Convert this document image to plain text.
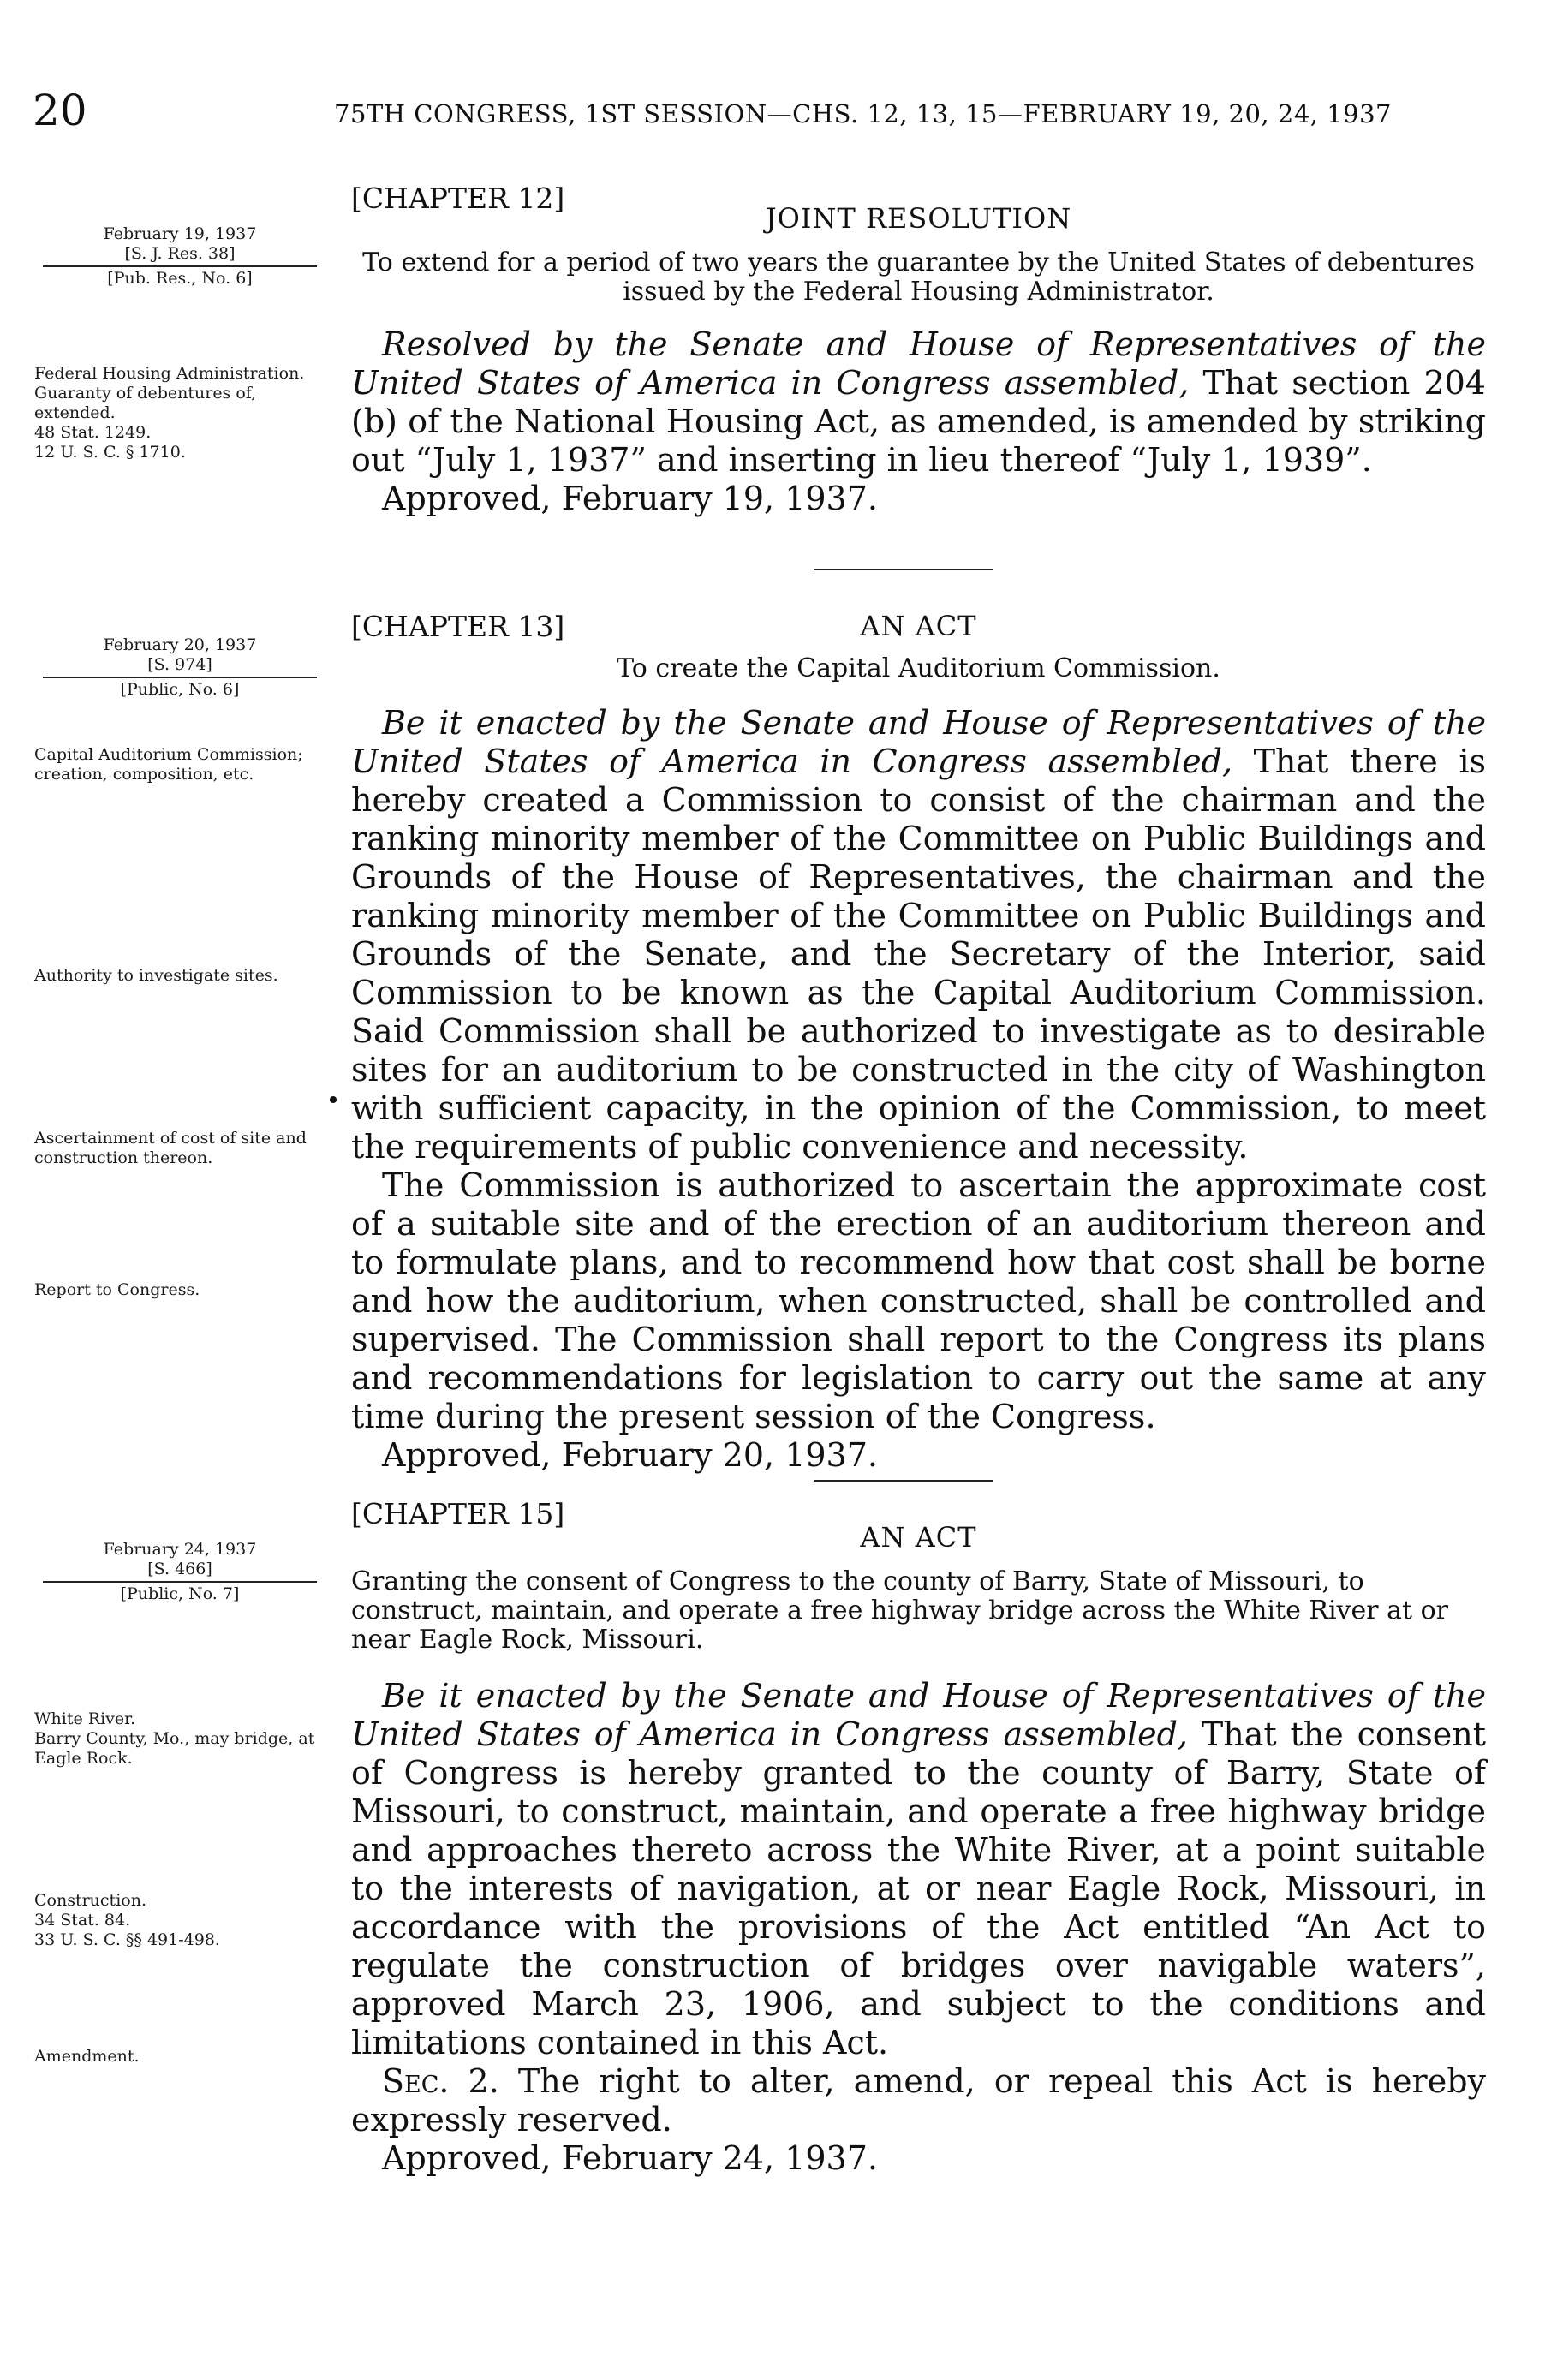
20	75TH CONGRESS, 1ST SESSION—CHS. 12, 13, 15—FEBRUARY 19, 20, 24, 1937

February 19, 1937

[S. J. Res. 38]

[Pub. Res., No. 6]

Federal Housing Administration.

Guaranty of debentures of, extended.

48 Stat. 1249.

12 U. S. C. § 1710.

[CHAPTER 12]
JOINT RESOLUTION
To extend for a period of two years the guarantee by the United States of debentures issued by the Federal Housing Administrator.

Resolved by the Senate and House of Representatives of the United States of America in Congress assembled, That section 204 (b) of the National Housing Act, as amended, is amended by striking out “July 1, 1937” and inserting in lieu thereof “July 1, 1939”.

Approved, February 19, 1937.

February 20, 1937

[S. 974]

[Public, No. 6]

Capital Auditorium Commission; creation, composition, etc.
Authority to investigate sites.
Ascertainment of cost of site and construction thereon.
Report to Congress.
[CHAPTER 13]	AN ACT
To create the Capital Auditorium Commission.

Be it enacted by the Senate and House of Representatives of the United States of America in Congress assembled, That there is hereby created a Commission to consist of the chairman and the ranking minority member of the Committee on Public Buildings and Grounds of the House of Representatives, the chairman and the ranking minority member of the Committee on Public Buildings and Grounds of the Senate, and the Secretary of the Interior, said Commission to be known as the Capital Auditorium Commission. Said Commission shall be authorized to investigate as to desirable sites for an auditorium to be constructed in the city of Washington with sufficient capacity, in the opinion of the Commission, to meet the requirements of public convenience and necessity.

The Commission is authorized to ascertain the approximate cost of a suitable site and of the erection of an auditorium thereon and to formulate plans, and to recommend how that cost shall be borne and how the auditorium, when constructed, shall be controlled and supervised. The Commission shall report to the Congress its plans and recommendations for legislation to carry out the same at any time during the present session of the Congress.

Approved, February 20, 1937.

February 24, 1937

[S. 466]

[Public, No. 7]

White River.

Barry County, Mo., may bridge, at Eagle Rock.

Construction.

34 Stat. 84.

33 U. S. C. §§ 491-498.

Amendment.
[CHAPTER 15]
AN ACT
Granting the consent of Congress to the county of Barry, State of Missouri, to construct, maintain, and operate a free highway bridge across the White River at or near Eagle Rock, Missouri.

Be it enacted by the Senate and House of Representatives of the United States of America in Congress assembled, That the consent of Congress is hereby granted to the county of Barry, State of Missouri, to construct, maintain, and operate a free highway bridge and approaches thereto across the White River, at a point suitable to the interests of navigation, at or near Eagle Rock, Missouri, in accordance with the provisions of the Act entitled “An Act to regulate the construction of bridges over navigable waters”, approved March 23, 1906, and subject to the conditions and limitations contained in this Act.

Sec. 2. The right to alter, amend, or repeal this Act is hereby expressly reserved.

Approved, February 24, 1937.
